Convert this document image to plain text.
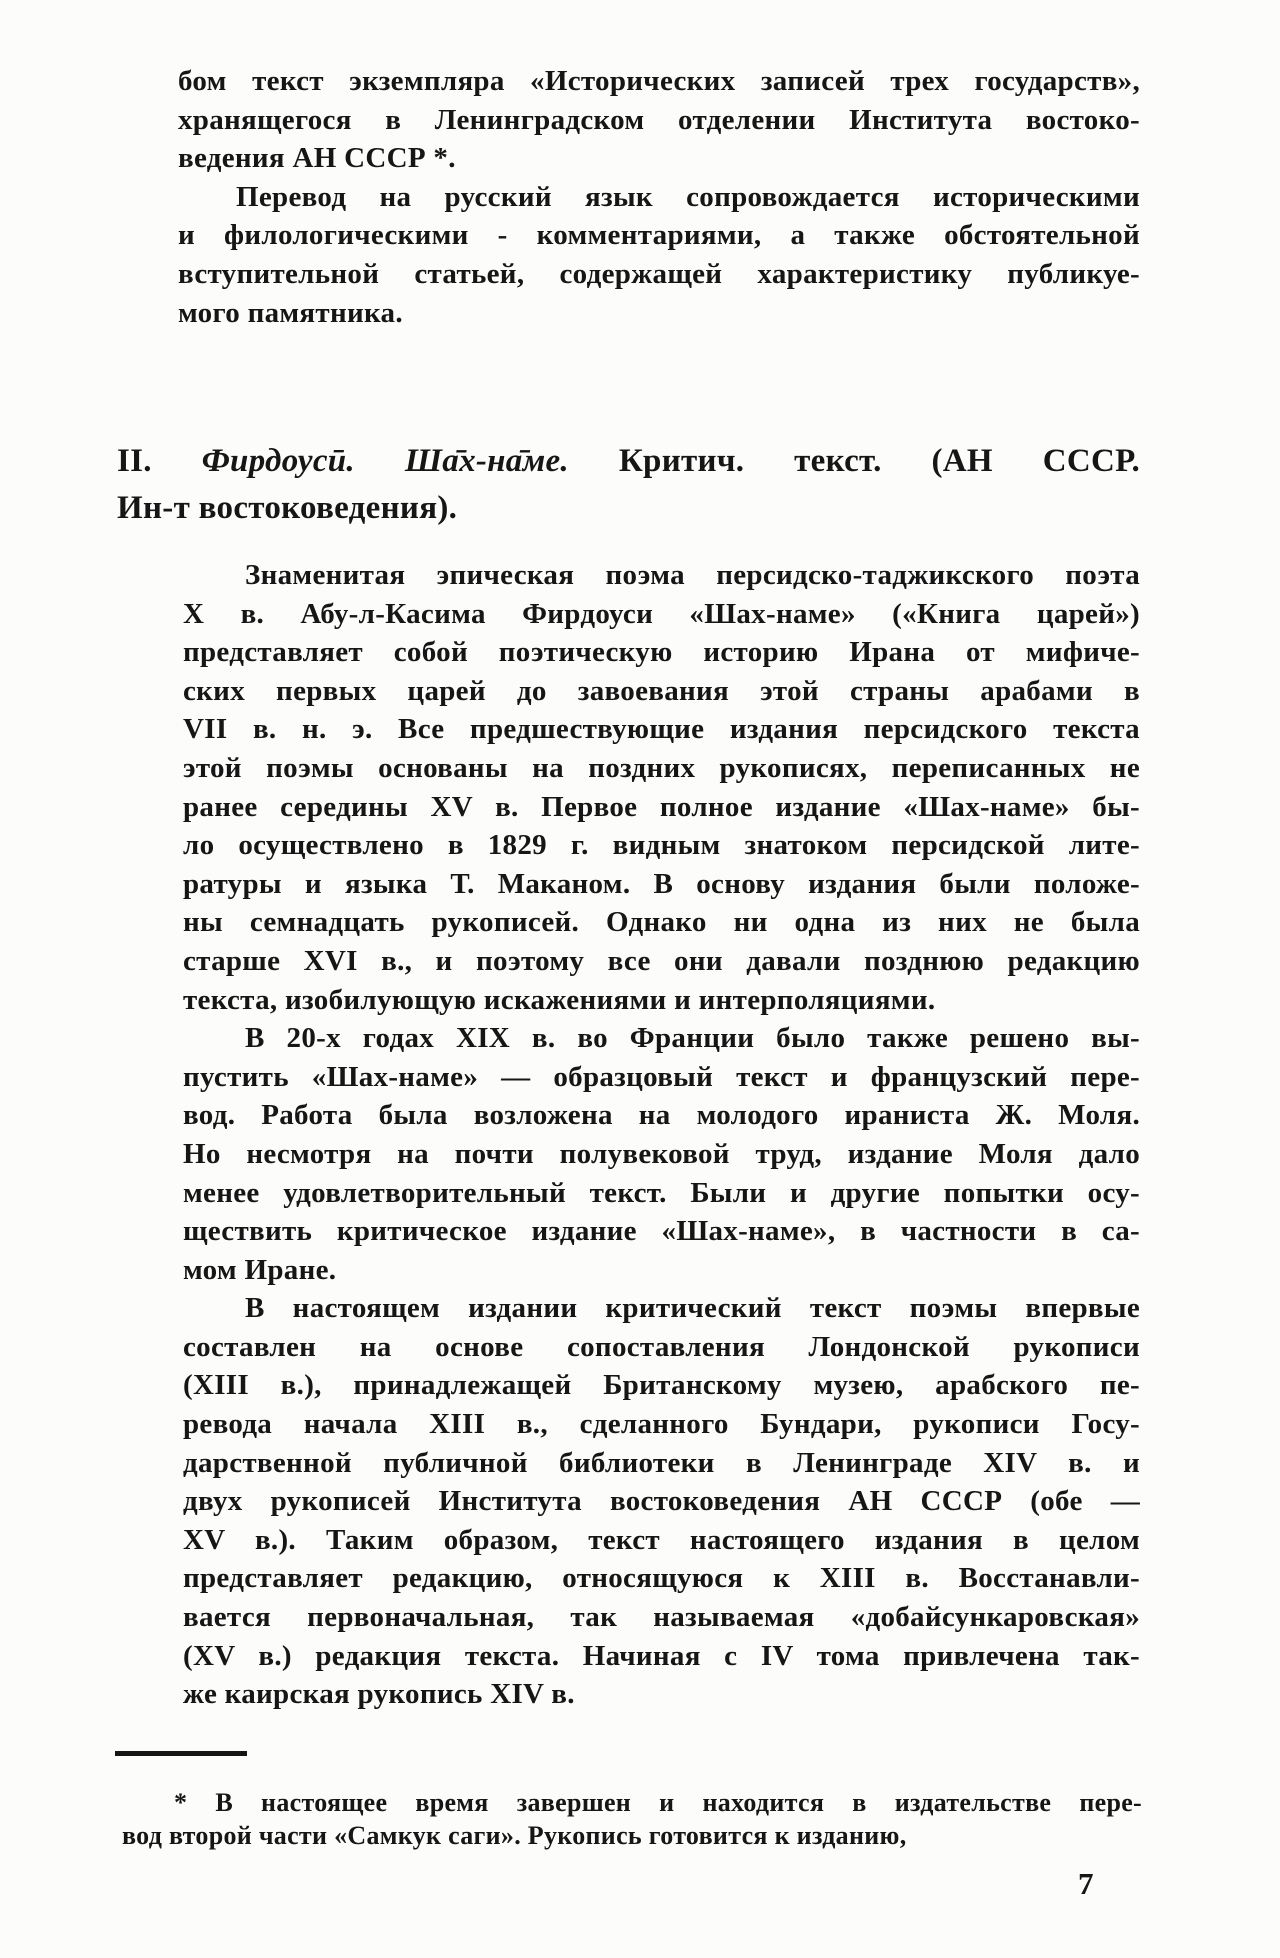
бом текст экземпляра «Исторических записей трех государств»,
хранящегося в Ленинградском отделении Института востоко-
ведения АН СССР *.
Перевод на русский язык сопровождается историческими
и филологическими - комментариями, а также обстоятельной
вступительной статьей, содержащей характеристику публикуе-
мого памятника.
II. Фирдоусӣ. Ша̄х-на̄ме. Критич. текст. (АН СССР.
Ин-т востоковедения).
Знаменитая эпическая поэма персидско-таджикского поэта
X в. Абу-л-Касима Фирдоуси «Шах-наме» («Книга царей»)
представляет собой поэтическую историю Ирана от мифиче-
ских первых царей до завоевания этой страны арабами в
VII в. н. э. Все предшествующие издания персидского текста
этой поэмы основаны на поздних рукописях, переписанных не
ранее середины XV в. Первое полное издание «Шах-наме» бы-
ло осуществлено в 1829 г. видным знатоком персидской лите-
ратуры и языка Т. Маканом. В основу издания были положе-
ны семнадцать рукописей. Однако ни одна из них не была
старше XVI в., и поэтому все они давали позднюю редакцию
текста, изобилующую искажениями и интерполяциями.
В 20-х годах XIX в. во Франции было также решено вы-
пустить «Шах-наме» — образцовый текст и французский пере-
вод. Работа была возложена на молодого ираниста Ж. Моля.
Но несмотря на почти полувековой труд, издание Моля дало
менее удовлетворительный текст. Были и другие попытки осу-
ществить критическое издание «Шах-наме», в частности в са-
мом Иране.
В настоящем издании критический текст поэмы впервые
составлен на основе сопоставления Лондонской рукописи
(XIII в.), принадлежащей Британскому музею, арабского пе-
ревода начала XIII в., сделанного Бундари, рукописи Госу-
дарственной публичной библиотеки в Ленинграде XIV в. и
двух рукописей Института востоковедения АН СССР (обе —
XV в.). Таким образом, текст настоящего издания в целом
представляет редакцию, относящуюся к XIII в. Восстанавли-
вается первоначальная, так называемая «добайсункаровская»
(XV в.) редакция текста. Начиная с IV тома привлечена так-
же каирская рукопись XIV в.
* В настоящее время завершен и находится в издательстве пере-
вод второй части «Самкук саги». Рукопись готовится к изданию,
7
